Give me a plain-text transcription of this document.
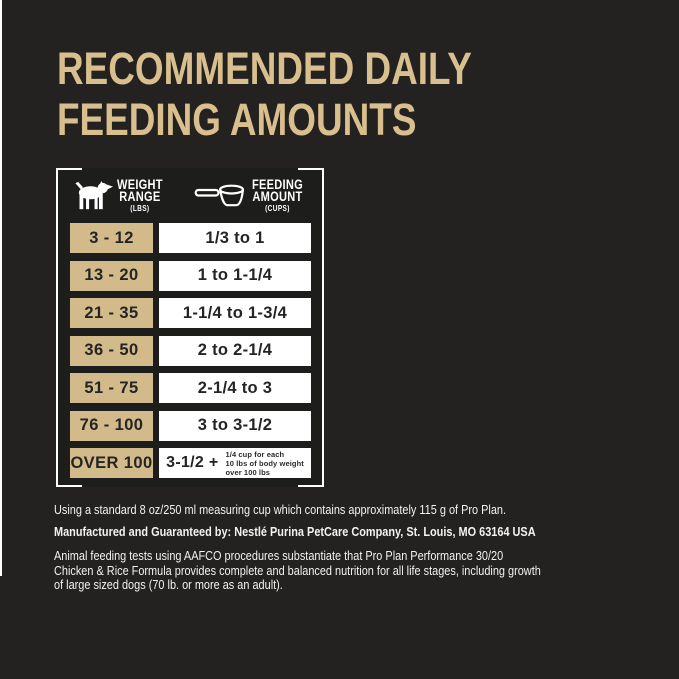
RECOMMENDED DAILY
FEEDING AMOUNTS
WEIGHT
RANGE
(LBS)
FEEDING
AMOUNT
(CUPS)
3 - 12	1/3 to 1
13 - 20	1 to 1-1/4
21 - 35	1-1/4 to 1-3/4
36 - 50	2 to 2-1/4
51 - 75	2-1/4 to 3
76 - 100	3 to 3-1/2
OVER 100 3-1/2 + 1/4 cup for each
10 lbs of body weight
over 100 lbs
Using a standard 8 oz/250 ml measuring cup which contains approximately 115 g of Pro Plan.
Manufactured and Guaranteed by: Nestlé Purina PetCare Company, St. Louis, MO 63164 USA
Animal feeding tests using AAFCO procedures substantiate that Pro Plan Performance 30/20
Chicken & Rice Formula provides complete and balanced nutrition for all life stages, including growth
of large sized dogs (70 lb. or more as an adult).
